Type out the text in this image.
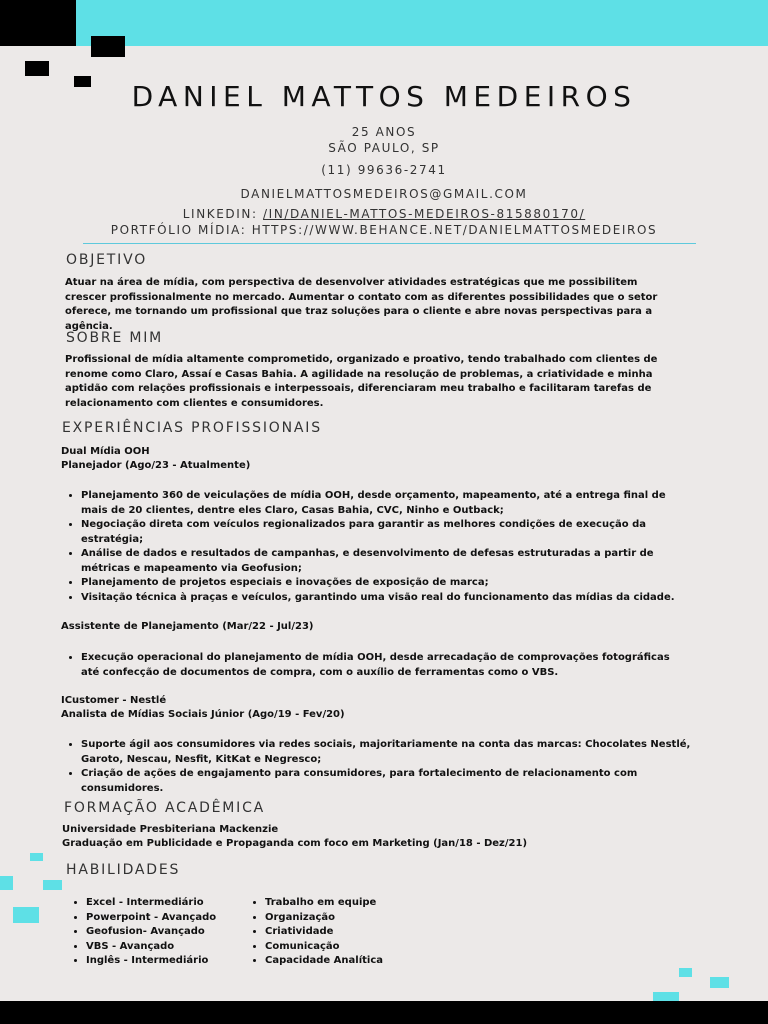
DANIEL MATTOS MEDEIROS
25 ANOS
SÃO PAULO, SP
(11) 99636-2741
DANIELMATTOSMEDEIROS@GMAIL.COM
LINKEDIN: /IN/DANIEL-MATTOS-MEDEIROS-815880170/
PORTFÓLIO MÍDIA: HTTPS://WWW.BEHANCE.NET/DANIELMATTOSMEDEIROS
OBJETIVO

Atuar na área de mídia, com perspectiva de desenvolver atividades estratégicas que me possibilitem crescer profissionalmente no mercado. Aumentar o contato com as diferentes possibilidades que o setor oferece, me tornando um profissional que traz soluções para o cliente e abre novas perspectivas para a agência.

SOBRE MIM

Profissional de mídia altamente comprometido, organizado e proativo, tendo trabalhado com clientes de renome como Claro, Assaí e Casas Bahia. A agilidade na resolução de problemas, a criatividade e minha aptidão com relações profissionais e interpessoais, diferenciaram meu trabalho e facilitaram tarefas de relacionamento com clientes e consumidores.

EXPERIÊNCIAS PROFISSIONAIS
Dual Mídia OOH
Planejador (Ago/23 - Atualmente)
• Planejamento 360 de veiculações de mídia OOH, desde orçamento, mapeamento, até a entrega final de mais de 20 clientes, dentre eles Claro, Casas Bahia, CVC, Ninho e Outback;
• Negociação direta com veículos regionalizados para garantir as melhores condições de execução da estratégia;
• Análise de dados e resultados de campanhas, e desenvolvimento de defesas estruturadas a partir de métricas e mapeamento via Geofusion;
• Planejamento de projetos especiais e inovações de exposição de marca;
• Visitação técnica à praças e veículos, garantindo uma visão real do funcionamento das mídias da cidade.
Assistente de Planejamento (Mar/22 - Jul/23)
• Execução operacional do planejamento de mídia OOH, desde arrecadação de comprovações fotográficas até confecção de documentos de compra, com o auxílio de ferramentas como o VBS.
ICustomer - Nestlé
Analista de Mídias Sociais Júnior (Ago/19 - Fev/20)
• Suporte ágil aos consumidores via redes sociais, majoritariamente na conta das marcas: Chocolates Nestlé, Garoto, Nescau, Nesfit, KitKat e Negresco;
• Criação de ações de engajamento para consumidores, para fortalecimento de relacionamento com consumidores.
FORMAÇÃO ACADÊMICA
Universidade Presbiteriana Mackenzie
Graduação em Publicidade e Propaganda com foco em Marketing (Jan/18 - Dez/21)
HABILIDADES
• Excel - Intermediário
• Powerpoint - Avançado
• Geofusion- Avançado
• VBS - Avançado
• Inglês - Intermediário
• Trabalho em equipe
• Organização
• Criatividade
• Comunicação
• Capacidade Analítica
